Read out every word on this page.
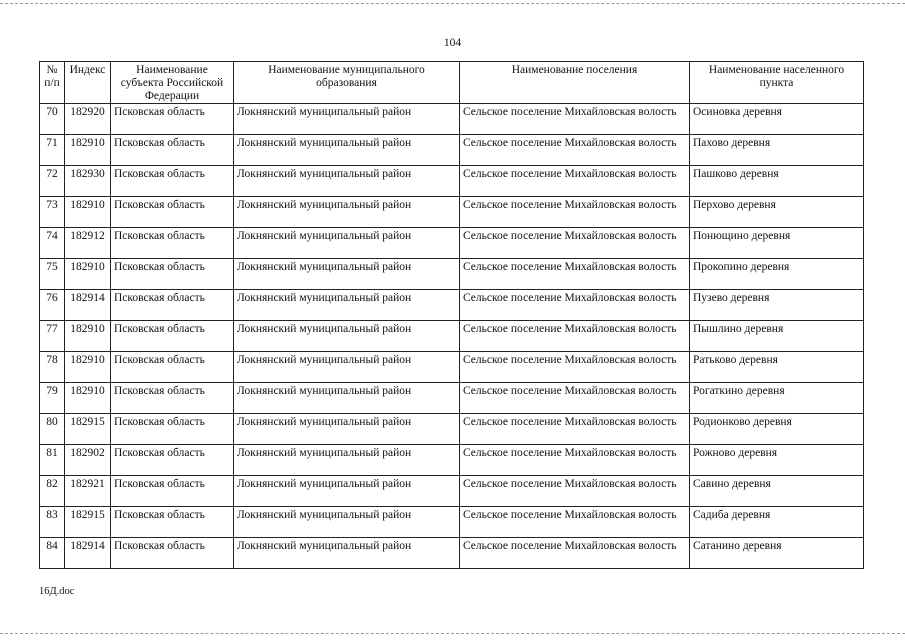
104
№ п/п	Индекс	Наименование субъекта Российской Федерации	Наименование муниципального образования	Наименование поселения	Наименование населенного пункта
70	182920	Псковская область	Локнянский муниципальный район	Сельское поселение Михайловская волость	Осиновка деревня
71	182910	Псковская область	Локнянский муниципальный район	Сельское поселение Михайловская волость	Пахово деревня
72	182930	Псковская область	Локнянский муниципальный район	Сельское поселение Михайловская волость	Пашково деревня
73	182910	Псковская область	Локнянский муниципальный район	Сельское поселение Михайловская волость	Перхово деревня
74	182912	Псковская область	Локнянский муниципальный район	Сельское поселение Михайловская волость	Понющино деревня
75	182910	Псковская область	Локнянский муниципальный район	Сельское поселение Михайловская волость	Прокопино деревня
76	182914	Псковская область	Локнянский муниципальный район	Сельское поселение Михайловская волость	Пузево деревня
77	182910	Псковская область	Локнянский муниципальный район	Сельское поселение Михайловская волость	Пышлино деревня
78	182910	Псковская область	Локнянский муниципальный район	Сельское поселение Михайловская волость	Ратьково деревня
79	182910	Псковская область	Локнянский муниципальный район	Сельское поселение Михайловская волость	Рогаткино деревня
80	182915	Псковская область	Локнянский муниципальный район	Сельское поселение Михайловская волость	Родионково деревня
81	182902	Псковская область	Локнянский муниципальный район	Сельское поселение Михайловская волость	Рожново деревня
82	182921	Псковская область	Локнянский муниципальный район	Сельское поселение Михайловская волость	Савино деревня
83	182915	Псковская область	Локнянский муниципальный район	Сельское поселение Михайловская волость	Садиба деревня
84	182914	Псковская область	Локнянский муниципальный район	Сельское поселение Михайловская волость	Сатанино деревня
16Д.doc
